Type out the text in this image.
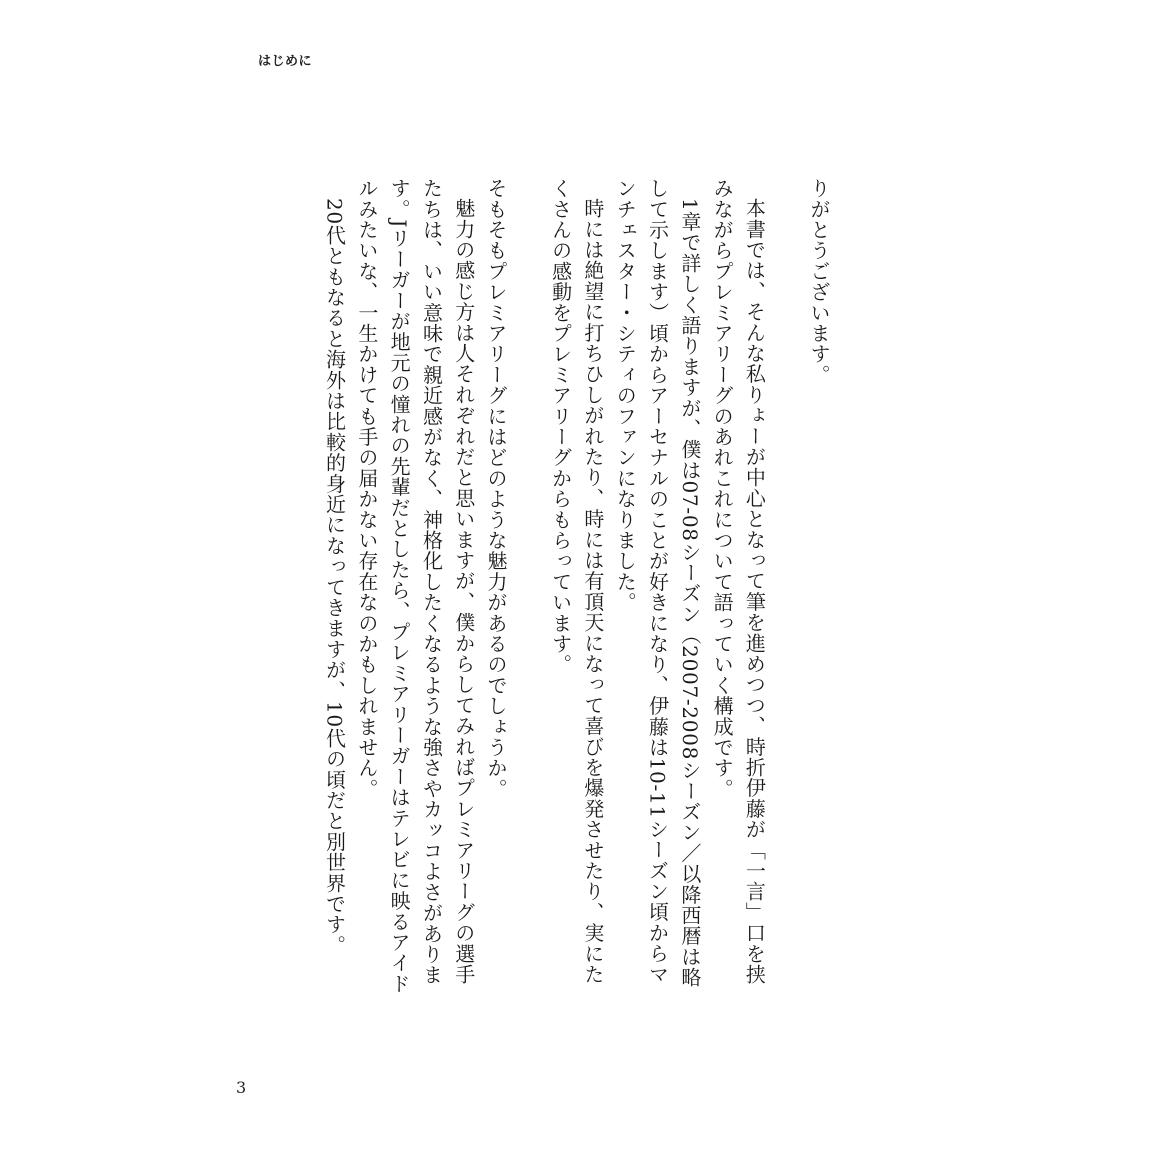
はじめに

りがとうございます。

本書では、そんな私りょーが中心となって筆を進めつつ、時折伊藤が「一言」口を挟みながらプレミアリーグのあれこれについて語っていく構成です。

1章で詳しく語りますが、僕は07-08シーズン（2007-2008シーズン／以降西暦は略して示します）頃からアーセナルのことが好きになり、伊藤は10-11シーズン頃からマンチェスター・シティのファンになりました。

時には絶望に打ちひしがれたり、時には有頂天になって喜びを爆発させたり、実にたくさんの感動をプレミアリーグからもらっています。

そもそもプレミアリーグにはどのような魅力があるのでしょうか。

魅力の感じ方は人それぞれだと思いますが、僕からしてみればプレミアリーグの選手たちは、いい意味で親近感がなく、神格化したくなるような強さやカッコよさがあります。Jリーガーが地元の憧れの先輩だとしたら、プレミアリーガーはテレビに映るアイドルみたいな、一生かけても手の届かない存在なのかもしれません。

20代ともなると海外は比較的身近になってきますが、10代の頃だと別世界です。

3
